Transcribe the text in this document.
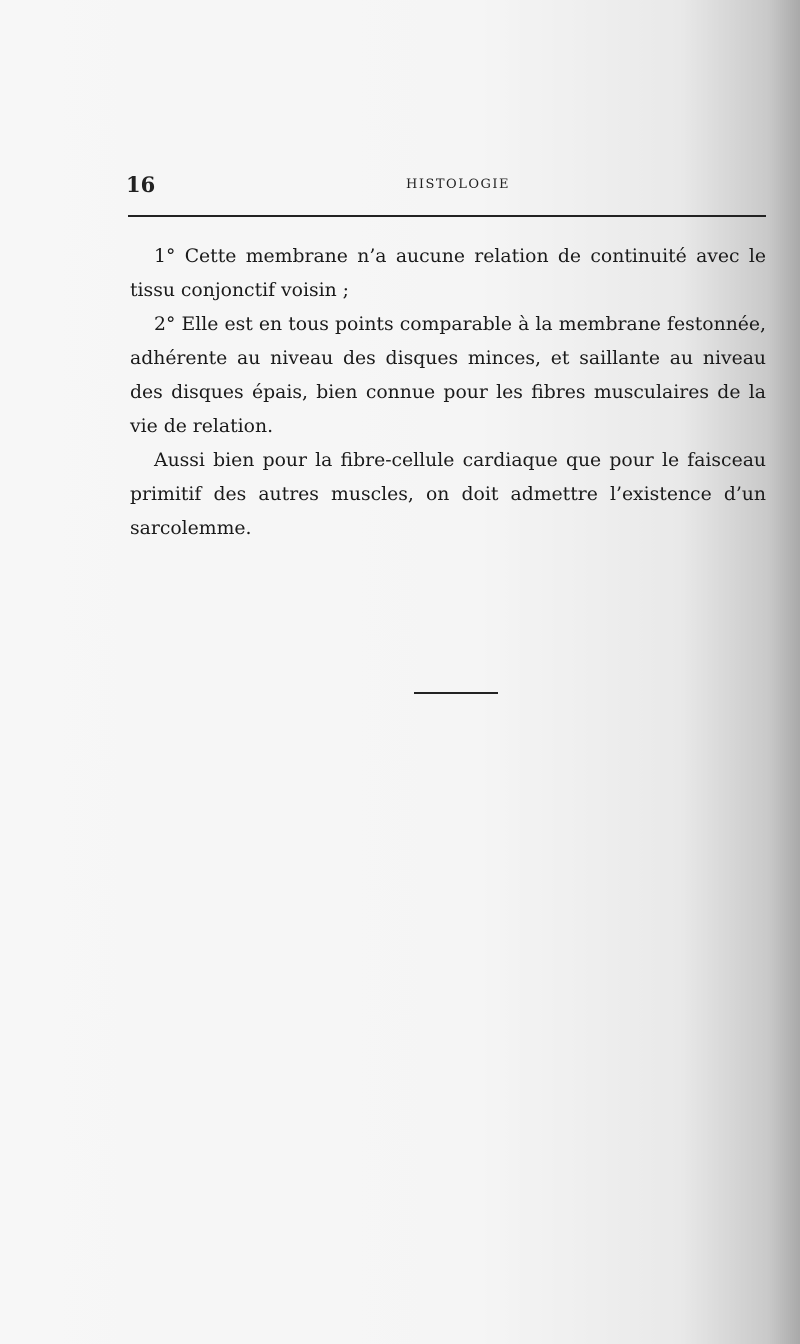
16	HISTOLOGIE

1° Cette membrane n’a aucune relation de continuité avec le tissu conjonctif voisin ;

2° Elle est en tous points comparable à la membrane festonnée, adhérente au niveau des disques minces, et saillante au niveau des disques épais, bien connue pour les fibres musculaires de la vie de relation.

Aussi bien pour la fibre-cellule cardiaque que pour le faisceau primitif des autres muscles, on doit admettre l’existence d’un sarcolemme.
